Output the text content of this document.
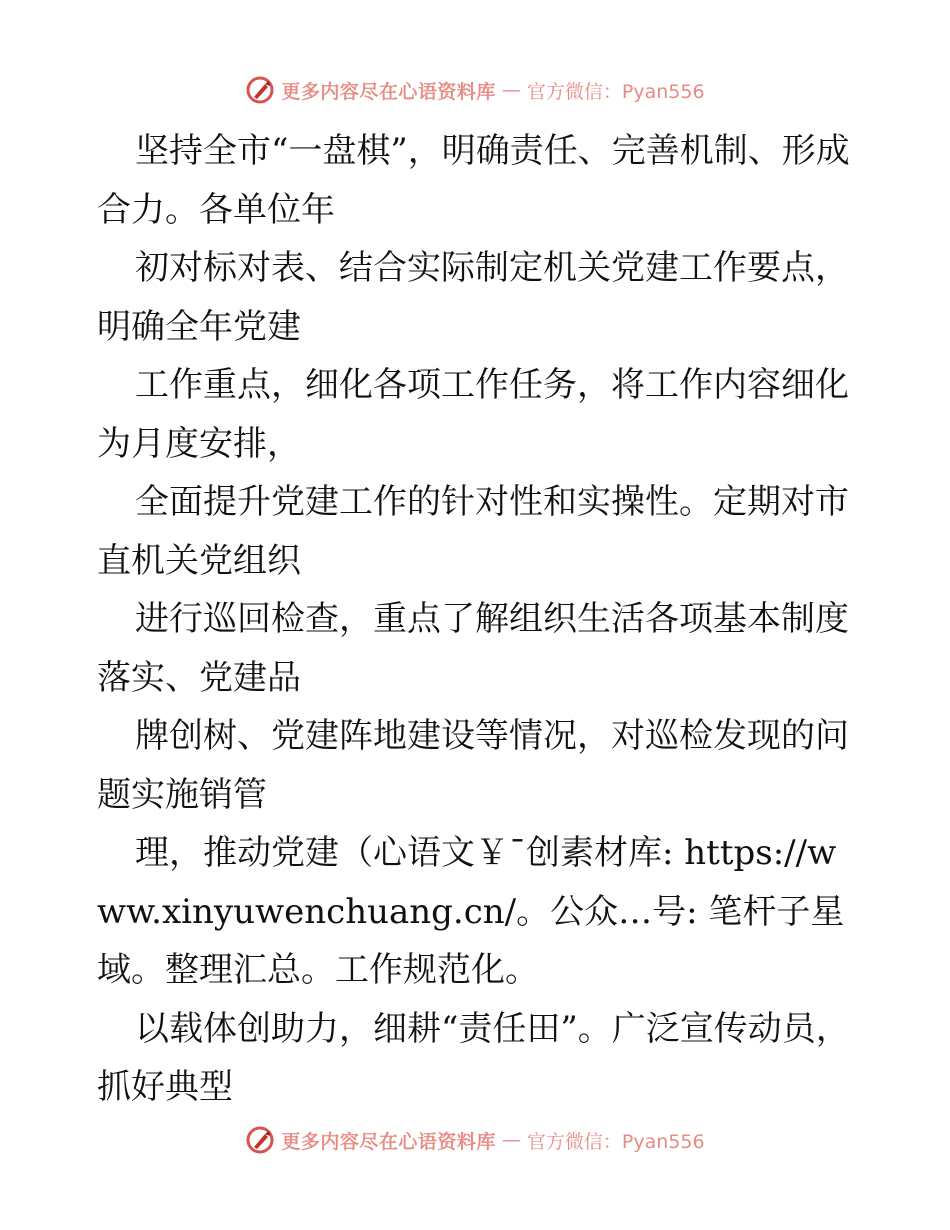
更多内容尽在心语资料库 — 官方微信：Pyan556

坚持全市“一盘棋”，明确责任、完善机制、形成合力。各单位年

初对标对表、结合实际制定机关党建工作要点，明确全年党建

工作重点，细化各项工作任务，将工作内容细化为月度安排，

全面提升党建工作的针对性和实操性。定期对市直机关党组织

进行巡回检查，重点了解组织生活各项基本制度落实、党建品

牌创树、党建阵地建设等情况，对巡检发现的问题实施销管

理，推动党建（心语文￥¯创素材库: https://www.xinyuwenchuang.cn/。公众…号: 笔杆子星域。整理汇总。工作规范化。

以载体创助力，细耕“责任田”。广泛宣传动员，抓好典型

更多内容尽在心语资料库 — 官方微信：Pyan556
